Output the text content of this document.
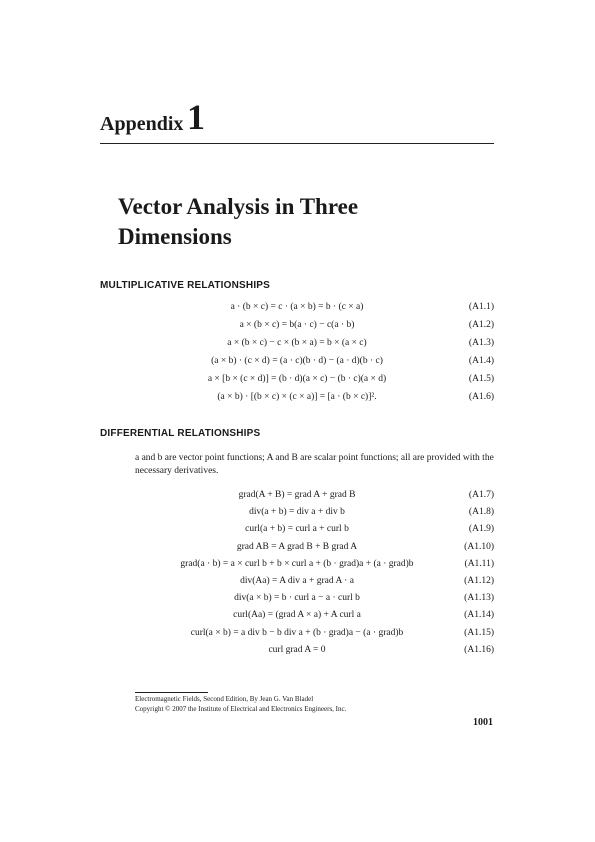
Appendix 1
Vector Analysis in Three
Dimensions
MULTIPLICATIVE RELATIONSHIPS
a · (b × c) = c · (a × b) = b · (c × a)	(A1.1)
a × (b × c) = b(a · c) − c(a · b)	(A1.2)
a × (b × c) − c × (b × a) = b × (a × c)	(A1.3)
(a × b) · (c × d) = (a · c)(b · d) − (a · d)(b · c)	(A1.4)
a × [b × (c × d)] = (b · d)(a × c) − (b · c)(a × d)	(A1.5)
(a × b) · [(b × c) × (c × a)] = [a · (b × c)]².	(A1.6)
DIFFERENTIAL RELATIONSHIPS
a and b are vector point functions; A and B are scalar point functions; all are provided with the necessary derivatives.
grad(A + B) = grad A + grad B	(A1.7)
div(a + b) = div a + div b	(A1.8)
curl(a + b) = curl a + curl b	(A1.9)
grad AB = A grad B + B grad A	(A1.10)
grad(a · b) = a × curl b + b × curl a + (b · grad)a + (a · grad)b	(A1.11)
div(Aa) = A div a + grad A · a	(A1.12)
div(a × b) = b · curl a − a · curl b	(A1.13)
curl(Aa) = (grad A × a) + A curl a	(A1.14)
curl(a × b) = a div b − b div a + (b · grad)a − (a · grad)b	(A1.15)
curl grad A = 0	(A1.16)
Electromagnetic Fields, Second Edition, By Jean G. Van Bladel
Copyright © 2007 the Institute of Electrical and Electronics Engineers, Inc.
1001
